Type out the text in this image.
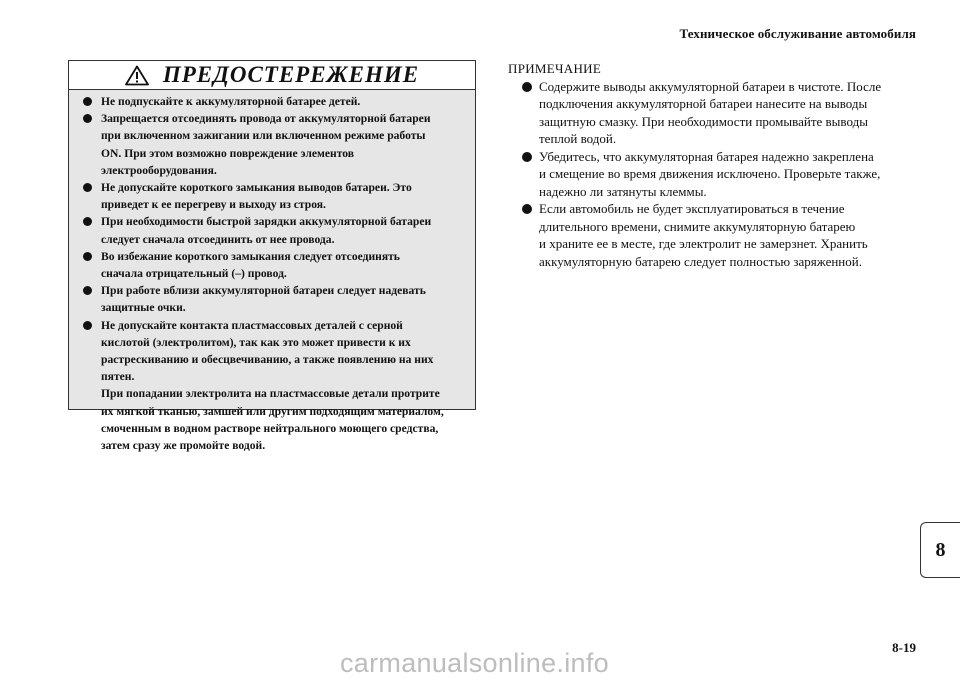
Техническое обслуживание автомобиля
ПРЕДОСТЕРЕЖЕНИЕ
Не подпускайте к аккумуляторной батарее детей.
Запрещается отсоединять провода от аккумуляторной батареи
при включенном зажигании или включенном режиме работы
ON. При этом возможно повреждение элементов
электрооборудования.
Не допускайте короткого замыкания выводов батареи. Это
приведет к ее перегреву и выходу из строя.
При необходимости быстрой зарядки аккумуляторной батареи
следует сначала отсоединить от нее провода.
Во избежание короткого замыкания следует отсоединять
сначала отрицательный (–) провод.
При работе вблизи аккумуляторной батареи следует надевать
защитные очки.
Не допускайте контакта пластмассовых деталей с серной
кислотой (электролитом), так как это может привести к их
растрескиванию и обесцвечиванию, а также появлению на них
пятен.
При попадании электролита на пластмассовые детали протрите
их мягкой тканью, замшей или другим подходящим материалом,
смоченным в водном растворе нейтрального моющего средства,
затем сразу же промойте водой.
ПРИМЕЧАНИЕ
Содержите выводы аккумуляторной батареи в чистоте. После
подключения аккумуляторной батареи нанесите на выводы
защитную смазку. При необходимости промывайте выводы
теплой водой.
Убедитесь, что аккумуляторная батарея надежно закреплена
и смещение во время движения исключено. Проверьте также,
надежно ли затянуты клеммы.
Если автомобиль не будет эксплуатироваться в течение
длительного времени, снимите аккумуляторную батарею
и храните ее в месте, где электролит не замерзнет. Хранить
аккумуляторную батарею следует полностью заряженной.
8
8-19
carmanualsonline.info
